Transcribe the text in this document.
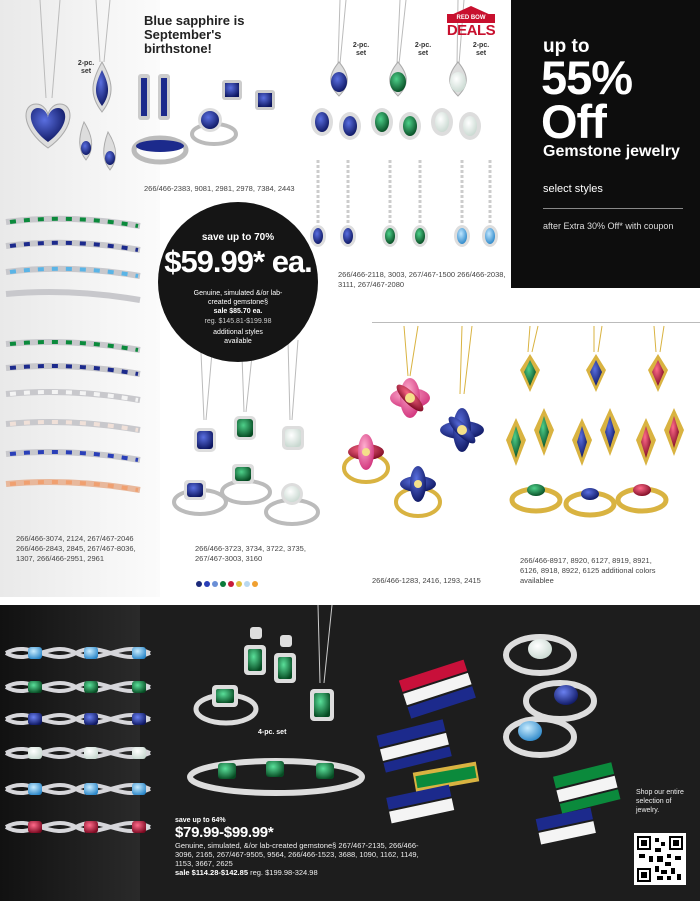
Blue sapphire is September's birthstone!
RED BOW
DEALS
2-pc. set
2-pc. set
2-pc. set
2-pc. set
266/466-2383, 9081, 2981, 2978, 7384, 2443
266/466-2118, 3003, 267/467-1500 266/466-2038, 3111, 267/467-2080
266/466-3074, 2124, 267/467-2046 266/466-2843, 2845, 267/467-8036, 1307, 266/466-2951, 2961
266/466-3723, 3734, 3722, 3735, 267/467-3003, 3160
266/466-1283, 2416, 1293, 2415
266/466-8917, 8920, 6127, 8919, 8921, 6126, 8918, 8922, 6125 additional colors availablee
save up to 70%
$59.99* ea.
Genuine, simulated &/or lab-created gemstone§
sale $85.70 ea.
reg. $145.81-$199.98
additional styles available
up to
55% Off
Gemstone jewelry
select styles
after Extra 30% Off* with coupon
4-pc. set
save up to 64%
$79.99-$99.99*
Genuine, simulated, &/or lab-created gemstone§ 267/467-2135, 266/466-3096, 2165, 267/467-9505, 9564, 266/466-1523, 3688, 1090, 1162, 1149, 1153, 3667, 2625
sale $114.28-$142.85 reg. $199.98-324.98
Shop our entire selection of jewelry.
